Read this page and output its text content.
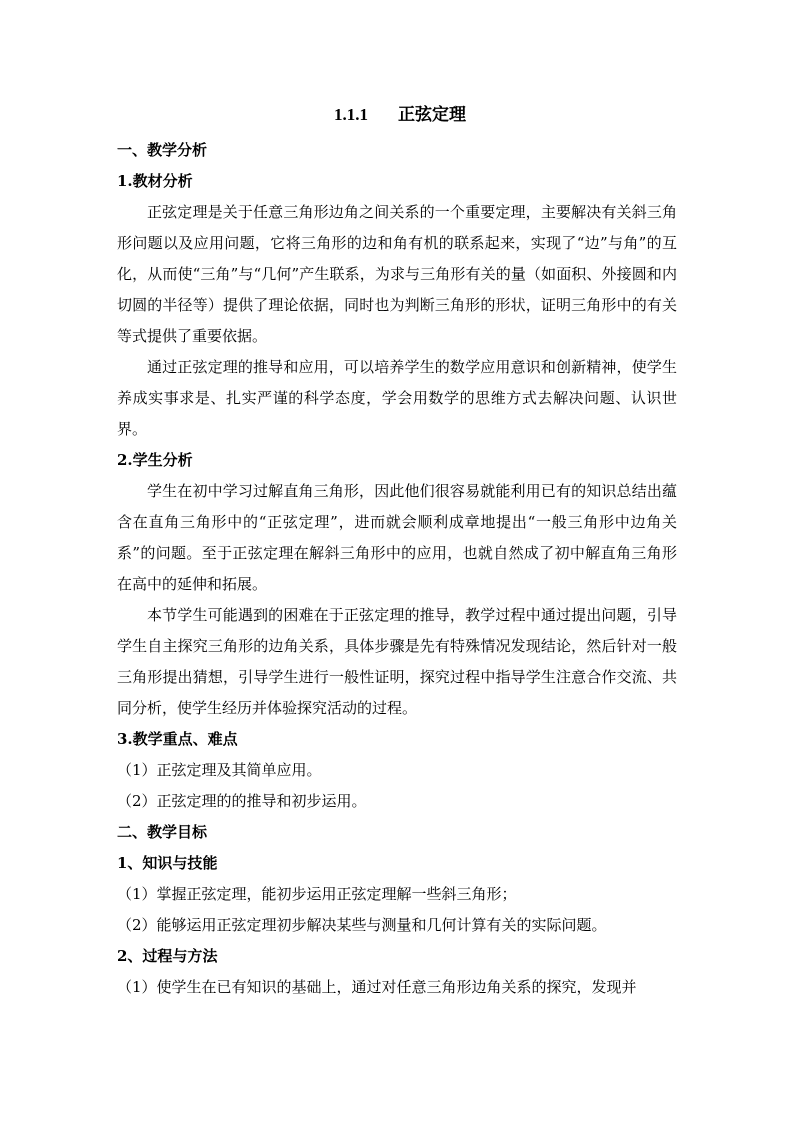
1.1.1 正弦定理
一、教学分析
1.教材分析

正弦定理是关于任意三角形边角之间关系的一个重要定理，主要解决有关斜三角形问题以及应用问题，它将三角形的边和角有机的联系起来，实现了“边”与角”的互化，从而使“三角”与“几何”产生联系，为求与三角形有关的量（如面积、外接圆和内切圆的半径等）提供了理论依据，同时也为判断三角形的形状，证明三角形中的有关等式提供了重要依据。

通过正弦定理的推导和应用，可以培养学生的数学应用意识和创新精神，使学生养成实事求是、扎实严谨的科学态度，学会用数学的思维方式去解决问题、认识世界。

2.学生分析

学生在初中学习过解直角三角形，因此他们很容易就能利用已有的知识总结出蕴含在直角三角形中的“正弦定理”，进而就会顺利成章地提出“一般三角形中边角关系”的问题。至于正弦定理在解斜三角形中的应用，也就自然成了初中解直角三角形在高中的延伸和拓展。

本节学生可能遇到的困难在于正弦定理的推导，教学过程中通过提出问题，引导学生自主探究三角形的边角关系，具体步骤是先有特殊情况发现结论，然后针对一般三角形提出猜想，引导学生进行一般性证明，探究过程中指导学生注意合作交流、共同分析，使学生经历并体验探究活动的过程。

3.教学重点、难点
（1）正弦定理及其简单应用。
（2）正弦定理的的推导和初步运用。
二、教学目标
1、知识与技能
（1）掌握正弦定理，能初步运用正弦定理解一些斜三角形；
（2）能够运用正弦定理初步解决某些与测量和几何计算有关的实际问题。
2、过程与方法
（1）使学生在已有知识的基础上，通过对任意三角形边角关系的探究，发现并
